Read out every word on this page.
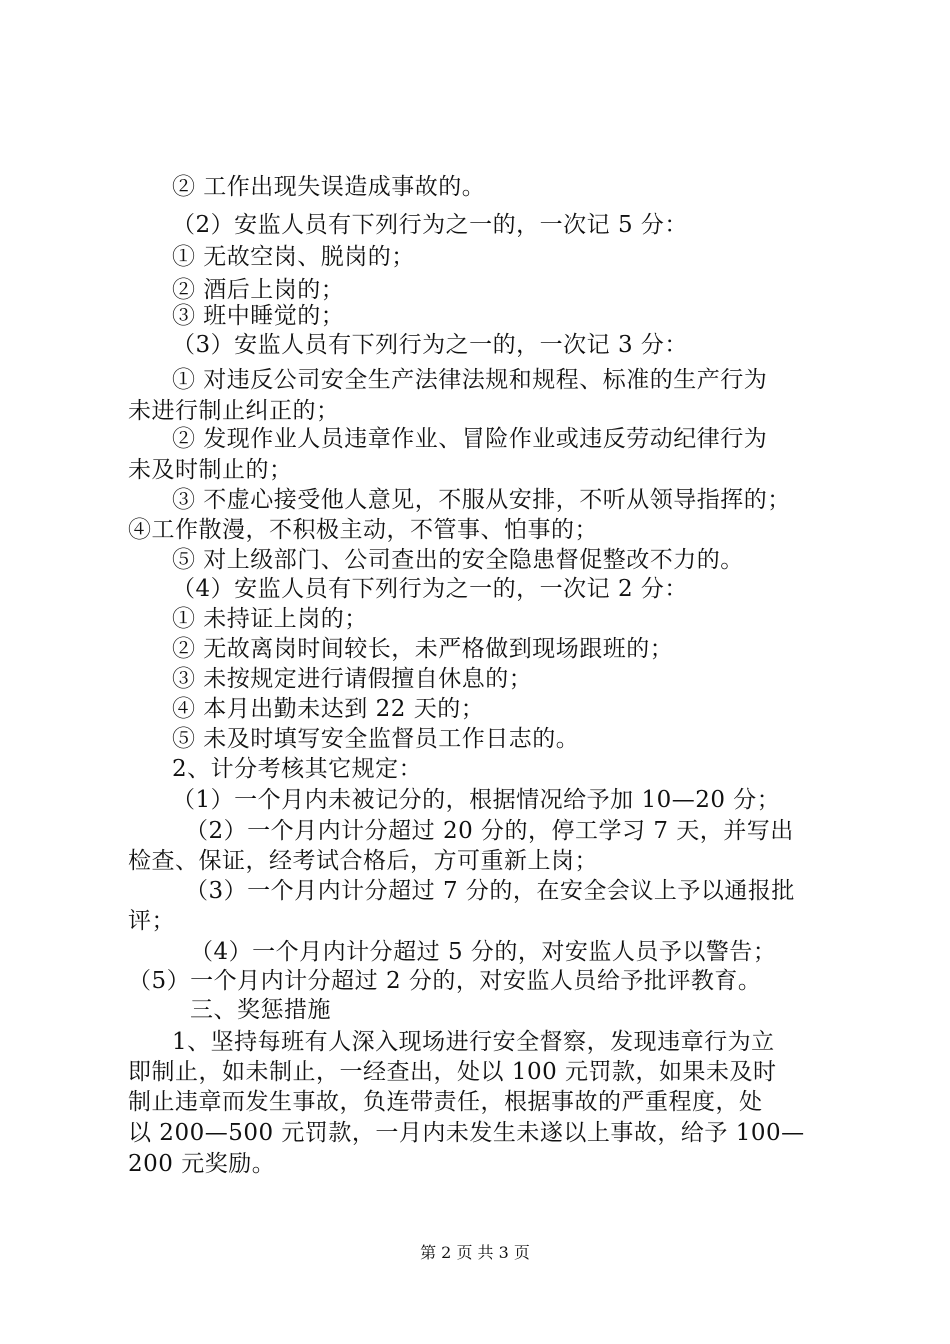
② 工作出现失误造成事故的。
（2）安监人员有下列行为之一的，一次记 5 分：
① 无故空岗、脱岗的；
② 酒后上岗的；
③ 班中睡觉的；
（3）安监人员有下列行为之一的，一次记 3 分：
① 对违反公司安全生产法律法规和规程、标准的生产行为
未进行制止纠正的；
② 发现作业人员违章作业、冒险作业或违反劳动纪律行为
未及时制止的；
③ 不虚心接受他人意见，不服从安排，不听从领导指挥的；
④工作散漫，不积极主动，不管事、怕事的；
⑤ 对上级部门、公司查出的安全隐患督促整改不力的。
（4）安监人员有下列行为之一的，一次记 2 分：
① 未持证上岗的；
② 无故离岗时间较长，未严格做到现场跟班的；
③ 未按规定进行请假擅自休息的；
④ 本月出勤未达到 22 天的；
⑤ 未及时填写安全监督员工作日志的。
2、计分考核其它规定：
（1）一个月内未被记分的，根据情况给予加 10—20 分；
（2）一个月内计分超过 20 分的，停工学习 7 天，并写出
检查、保证，经考试合格后，方可重新上岗；
（3）一个月内计分超过 7 分的，在安全会议上予以通报批
评；
（4）一个月内计分超过 5 分的，对安监人员予以警告；
（5）一个月内计分超过 2 分的，对安监人员给予批评教育。
三、奖惩措施
1、坚持每班有人深入现场进行安全督察，发现违章行为立
即制止，如未制止，一经查出，处以 100 元罚款，如果未及时
制止违章而发生事故，负连带责任，根据事故的严重程度，处
以 200—500 元罚款，一月内未发生未遂以上事故，给予 100—
200 元奖励。
第 2 页 共 3 页
